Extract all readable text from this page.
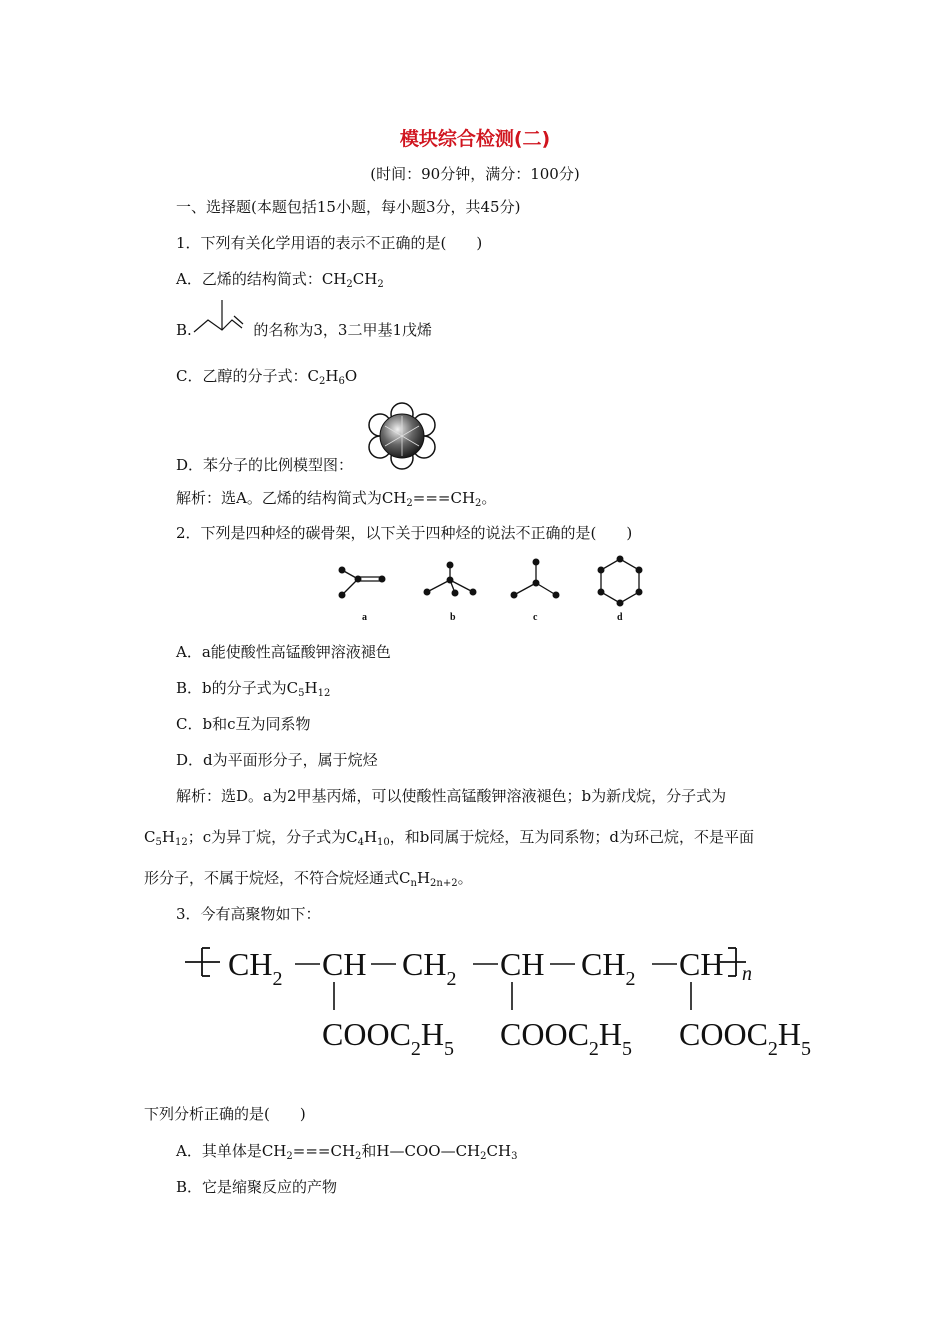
模块综合检测(二)
(时间：90分钟，满分：100分)
一、选择题(本题包括15小题，每小题3分，共45分)
1．下列有关化学用语的表示不正确的是(　　)
A．乙烯的结构简式：$CH_2CH_2$
B.	的名称为3，3二甲基1戊烯
C．乙醇的分子式：$C_2H_6O$
D．苯分子的比例模型图：
解析：选A。乙烯的结构简式为$CH_2===CH_2$。
2．下列是四种烃的碳骨架，以下关于四种烃的说法不正确的是(　　)
a	b	c	d
A．a能使酸性高锰酸钾溶液褪色
B．b的分子式为$C_5H_{12}$
C．b和c互为同系物
D．d为平面形分子，属于烷烃
解析：选D。a为2甲基丙烯，可以使酸性高锰酸钾溶液褪色；b为新戊烷，分子式为
$C_5H_{12}$；c为异丁烷，分子式为$C_4H_{10}$，和b同属于烷烃，互为同系物；d为环己烷，不是平面
形分子，不属于烷烃，不符合烷烃通式$C_nH_{2n+2}$。
3．今有高聚物如下：
$CH_2$ CH $CH_2$ CH $CH_2$ CH n
$COOC_2H_5$ $COOC_2H_5$ $COOC_2H_5$
下列分析正确的是(　　)
A．其单体是$CH_2===CH_2$和$H—COO—CH_2CH_3$
B．它是缩聚反应的产物
